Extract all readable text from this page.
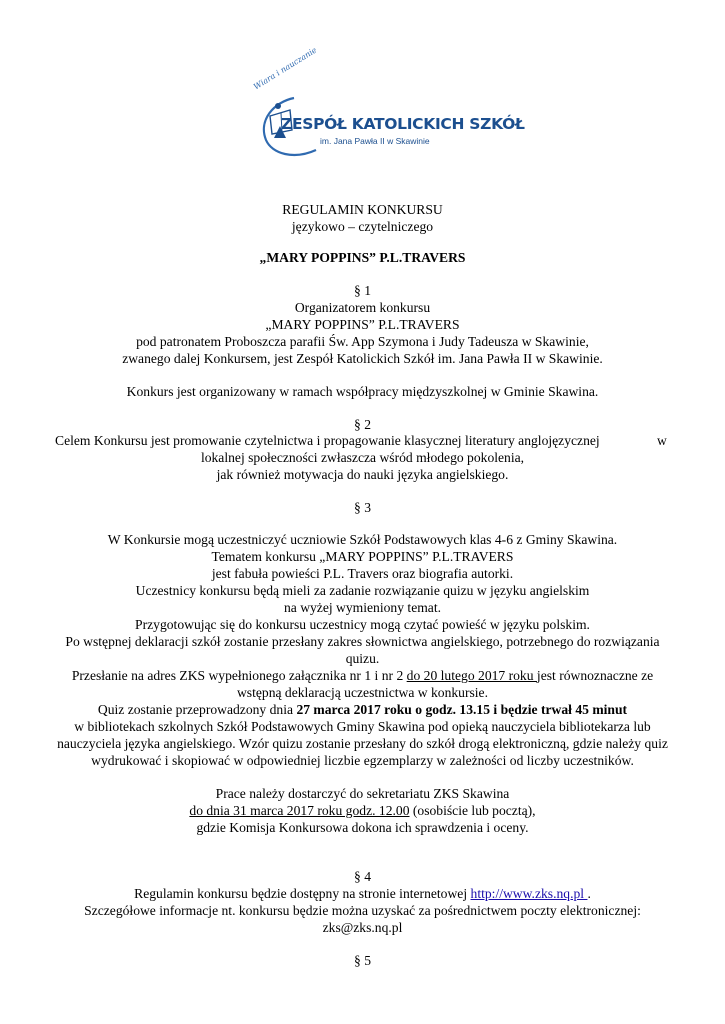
Wiara i nauczanie
ZESPÓŁ KATOLICKICH SZKÓŁ
im. Jana Pawła II w Skawinie
REGULAMIN KONKURSU
językowo – czytelniczego
„MARY POPPINS” P.L.TRAVERS
§ 1
Organizatorem konkursu
„MARY POPPINS” P.L.TRAVERS
pod patronatem Proboszcza parafii Św. App Szymona i Judy Tadeusza w Skawinie,
zwanego dalej Konkursem, jest Zespół Katolickich Szkół im. Jana Pawła II w Skawinie.
Konkurs jest organizowany w ramach współpracy międzyszkolnej w Gminie Skawina.
§ 2
Celem Konkursu jest promowanie czytelnictwa i propagowanie klasycznej literatury anglojęzycznej	w
lokalnej społeczności zwłaszcza wśród młodego pokolenia,
jak również motywacja do nauki języka angielskiego.
§ 3
W Konkursie mogą uczestniczyć uczniowie Szkół Podstawowych klas 4-6 z Gminy Skawina.
Tematem konkursu „MARY POPPINS” P.L.TRAVERS
jest fabuła powieści P.L. Travers oraz biografia autorki.
Uczestnicy konkursu będą mieli za zadanie rozwiązanie quizu w języku angielskim
na wyżej wymieniony temat.
Przygotowując się do konkursu uczestnicy mogą czytać powieść w języku polskim.
Po wstępnej deklaracji szkół zostanie przesłany zakres słownictwa angielskiego, potrzebnego do rozwiązania
quizu.
Przesłanie na adres ZKS wypełnionego załącznika nr 1 i nr 2 do 20 lutego 2017 roku jest równoznaczne ze
wstępną deklaracją uczestnictwa w konkursie.
Quiz zostanie przeprowadzony dnia 27 marca 2017 roku o godz. 13.15 i będzie trwał 45 minut
w bibliotekach szkolnych Szkół Podstawowych Gminy Skawina pod opieką nauczyciela bibliotekarza lub
nauczyciela języka angielskiego. Wzór quizu zostanie przesłany do szkół drogą elektroniczną, gdzie należy quiz
wydrukować i skopiować w odpowiedniej liczbie egzemplarzy w zależności od liczby uczestników.
Prace należy dostarczyć do sekretariatu ZKS Skawina
do dnia 31 marca 2017 roku godz. 12.00 (osobiście lub pocztą),
gdzie Komisja Konkursowa dokona ich sprawdzenia i oceny.
§ 4
Regulamin konkursu będzie dostępny na stronie internetowej http://www.zks.nq.pl .
Szczegółowe informacje nt. konkursu będzie można uzyskać za pośrednictwem poczty elektronicznej:
zks@zks.nq.pl
§ 5
